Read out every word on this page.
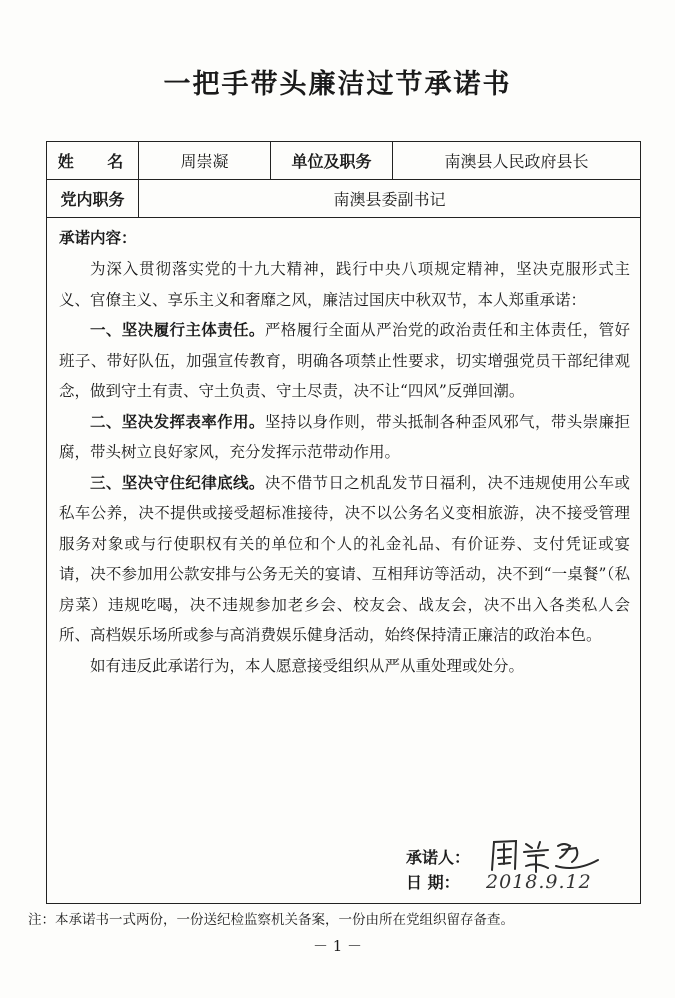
一把手带头廉洁过节承诺书
姓 名	周崇凝	单位及职务	南澳县人民政府县长
党内职务	南澳县委副书记
承诺内容：

为深入贯彻落实党的十九大精神，践行中央八项规定精神，坚决克服形式主义、官僚主义、享乐主义和奢靡之风，廉洁过国庆中秋双节，本人郑重承诺：

一、坚决履行主体责任。严格履行全面从严治党的政治责任和主体责任，管好班子、带好队伍，加强宣传教育，明确各项禁止性要求，切实增强党员干部纪律观念，做到守土有责、守土负责、守土尽责，决不让“四风”反弹回潮。

二、坚决发挥表率作用。坚持以身作则，带头抵制各种歪风邪气，带头崇廉拒腐，带头树立良好家风，充分发挥示范带动作用。

三、坚决守住纪律底线。决不借节日之机乱发节日福利，决不违规使用公车或私车公养，决不提供或接受超标准接待，决不以公务名义变相旅游，决不接受管理服务对象或与行使职权有关的单位和个人的礼金礼品、有价证券、支付凭证或宴请，决不参加用公款安排与公务无关的宴请、互相拜访等活动，决不到“一桌餐”（私房菜）违规吃喝，决不违规参加老乡会、校友会、战友会，决不出入各类私人会所、高档娱乐场所或参与高消费娱乐健身活动，始终保持清正廉洁的政治本色。

如有违反此承诺行为，本人愿意接受组织从严从重处理或处分。

承诺人：
日 期：	2018.9.12
注：本承诺书一式两份，一份送纪检监察机关备案，一份由所在党组织留存备查。
－ 1 －
